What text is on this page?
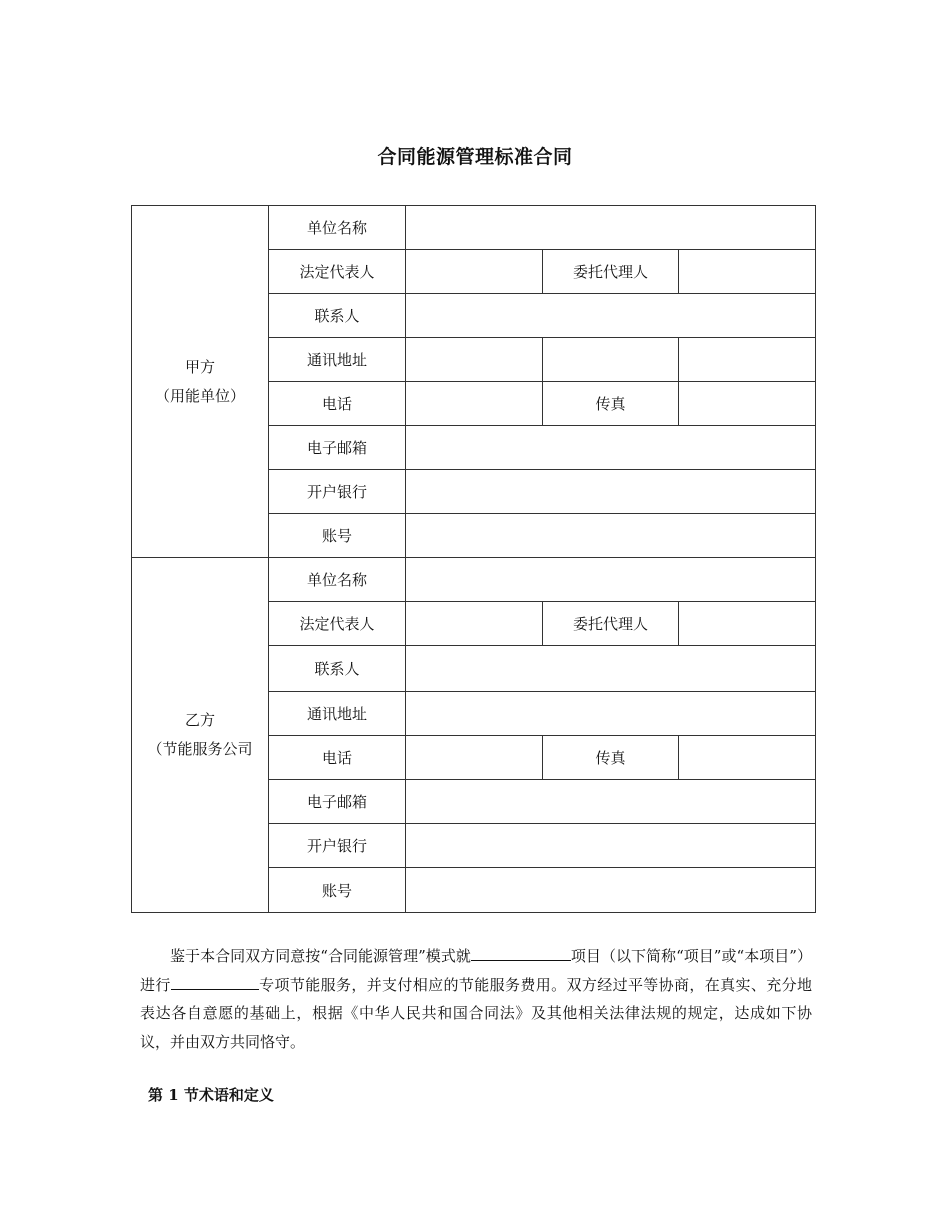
合同能源管理标准合同
甲方
（用能单位）	单位名称			
	法定代表人		委托代理人	
	联系人			
	通讯地址			
	电话		传真	
	电子邮箱			
	开户银行			
	账号			

乙方
（节能服务公司	单位名称			
	法定代表人		委托代理人	
	联系人			
	通讯地址			
	电话		传真	
	电子邮箱			
	开户银行			
	账号			

鉴于本合同双方同意按“合同能源管理”模式就	项目（以下简称“项目”或“本项目”）进行	专项节能服务，并支付相应的节能服务费用。双方经过平等协商，在真实、充分地表达各自意愿的基础上，根据《中华人民共和国合同法》及其他相关法律法规的规定，达成如下协议，并由双方共同恪守。

第 1 节术语和定义
